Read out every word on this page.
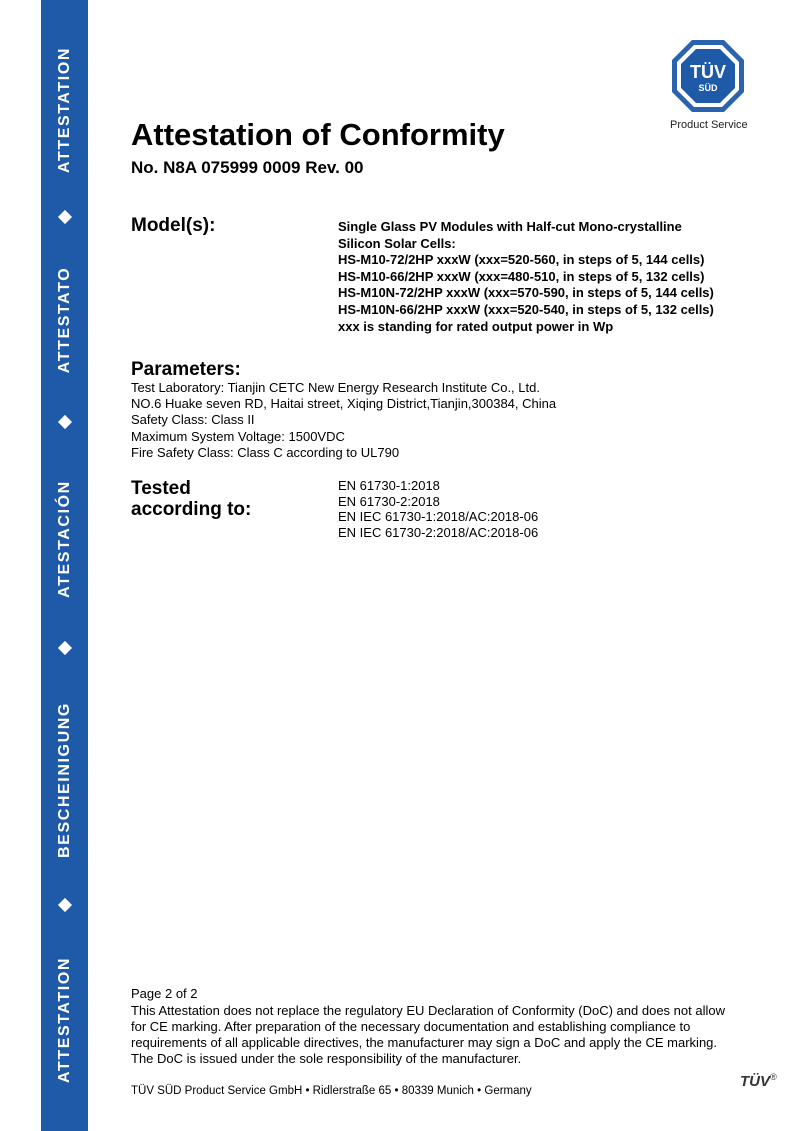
ATTESTATION
ATTESTATO
ATESTACIÓN
BESCHEINIGUNG
ATTESTATION
TÜV
SÜD
Product Service
Attestation of Conformity
No. N8A 075999 0009 Rev. 00
Model(s):	Single Glass PV Modules with Half-cut Mono-crystalline
Silicon Solar Cells:
HS-M10-72/2HP xxxW (xxx=520-560, in steps of 5, 144 cells)
HS-M10-66/2HP xxxW (xxx=480-510, in steps of 5, 132 cells)
HS-M10N-72/2HP xxxW (xxx=570-590, in steps of 5, 144 cells)
HS-M10N-66/2HP xxxW (xxx=520-540, in steps of 5, 132 cells)
xxx is standing for rated output power in Wp
Parameters:
Test Laboratory: Tianjin CETC New Energy Research Institute Co., Ltd.
NO.6 Huake seven RD, Haitai street, Xiqing District,Tianjin,300384, China
Safety Class: Class II
Maximum System Voltage: 1500VDC
Fire Safety Class: Class C according to UL790
Tested
according to:
EN 61730-1:2018
EN 61730-2:2018
EN IEC 61730-1:2018/AC:2018-06
EN IEC 61730-2:2018/AC:2018-06
Page 2 of 2
This Attestation does not replace the regulatory EU Declaration of Conformity (DoC) and does not allow for CE marking. After preparation of the necessary documentation and establishing compliance to requirements of all applicable directives, the manufacturer may sign a DoC and apply the CE marking. The DoC is issued under the sole responsibility of the manufacturer.
TÜV SÜD Product Service GmbH • Ridlerstraße 65 • 80339 Munich • Germany
TÜV®
